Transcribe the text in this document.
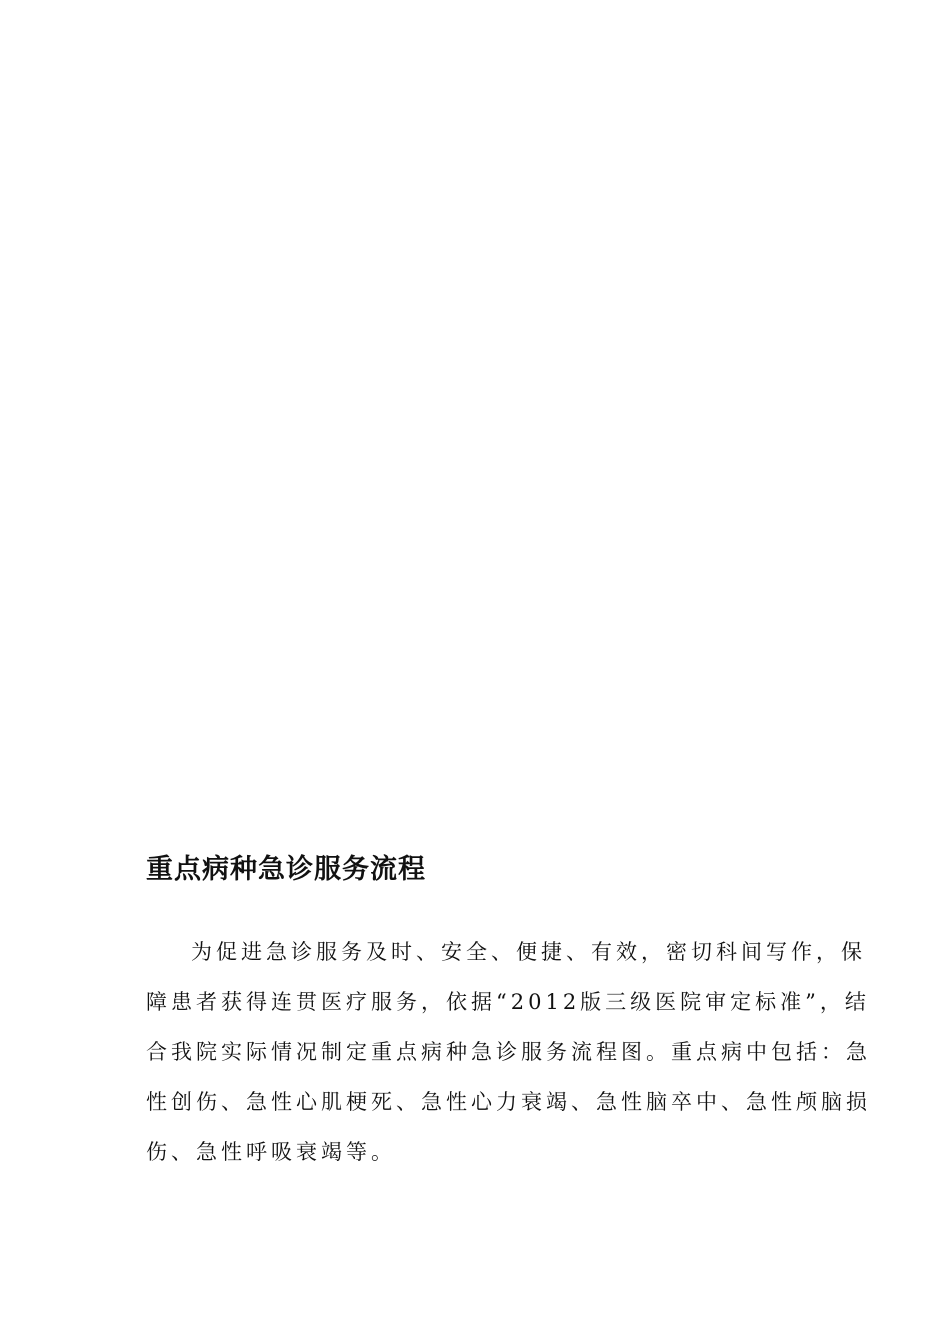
重点病种急诊服务流程
为促进急诊服务及时、安全、便捷、有效，密切科间写作，保
障患者获得连贯医疗服务，依据“2012版三级医院审定标准”，结
合我院实际情况制定重点病种急诊服务流程图。重点病中包括：急
性创伤、急性心肌梗死、急性心力衰竭、急性脑卒中、急性颅脑损
伤、急性呼吸衰竭等。
